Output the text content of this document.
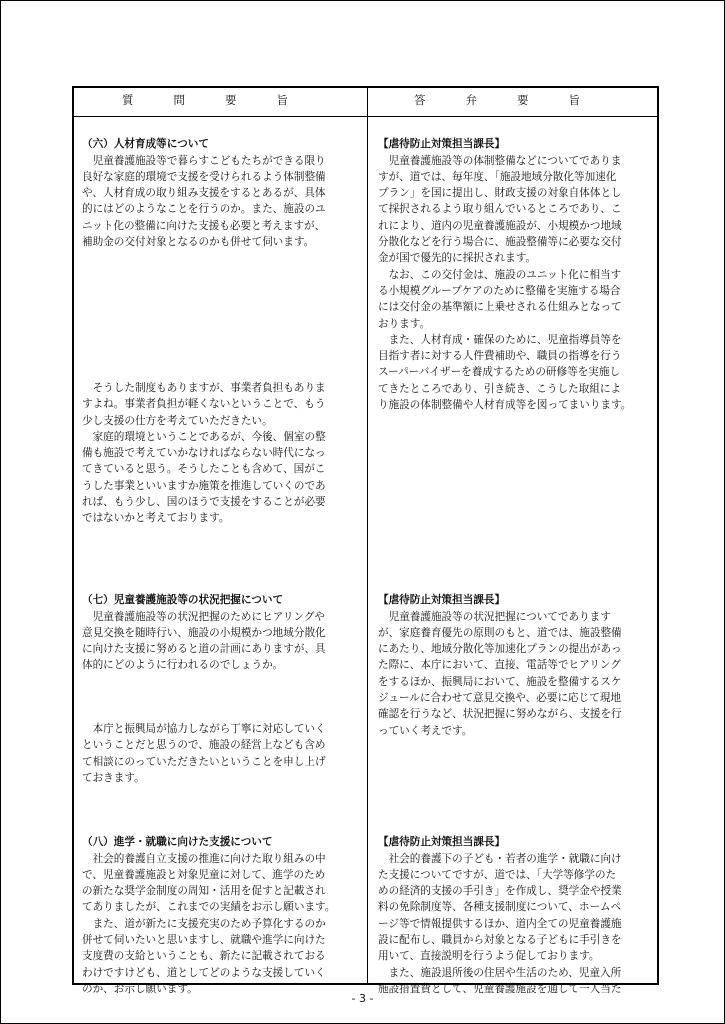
質問要旨	答弁要旨

（六）人材育成等について
　児童養護施設等で暮らすこどもたちができる限り
良好な家庭的環境で支援を受けられるよう体制整備
や、人材育成の取り組み支援をするとあるが、具体
的にはどのようなことを行うのか。また、施設のユ
ニット化の整備に向けた支援も必要と考えますが、
補助金の交付対象となるのかも併せて伺います。

【虐待防止対策担当課長】
　児童養護施設等の体制整備などについてでありま
すが、道では、毎年度、「施設地域分散化等加速化
プラン」を国に提出し、財政支援の対象自体体とし
て採択されるよう取り組んでいるところであり、こ
れにより、道内の児童養護施設が、小規模かつ地域
分散化などを行う場合に、施設整備等に必要な交付
金が国で優先的に採択されます。
　なお、この交付金は、施設のユニット化に相当す
る小規模グループケアのために整備を実施する場合
には交付金の基準額に上乗せされる仕組みとなって
おります。
　また、人材育成・確保のために、児童指導員等を
目指す者に対する人件費補助や、職員の指導を行う
スーパーバイザーを養成するための研修等を実施し
てきたところであり、引き続き、こうした取組によ
り施設の体制整備や人材育成等を図ってまいります。

　そうした制度もありますが、事業者負担もありま
すよね。事業者負担が軽くないということで、もう
少し支援の仕方を考えていただきたい。
　家庭的環境ということであるが、今後、個室の整
備も施設で考えていかなければならない時代になっ
てきていると思う。そうしたことも含めて、国がこ
うした事業といいますか施策を推進していくのであ
れば、もう少し、国のほうで支援をすることが必要
ではないかと考えております。

（七）児童養護施設等の状況把握について
　児童養護施設等の状況把握のためにヒアリングや
意見交換を随時行い、施設の小規模かつ地域分散化
に向けた支援に努めると道の計画にありますが、具
体的にどのように行われるのでしょうか。

【虐待防止対策担当課長】
　児童養護施設等の状況把握についてであります
が、家庭養育優先の原則のもと、道では、施設整備
にあたり、地域分散化等加速化プランの提出があっ
た際に、本庁において、直接、電話等でヒアリング
をするほか、振興局において、施設を整備するスケ
ジュールに合わせて意見交換や、必要に応じて現地
確認を行うなど、状況把握に努めながら、支援を行
っていく考えです。

　本庁と振興局が協力しながら丁寧に対応していく
ということだと思うので、施設の経営上なども含め
て相談にのっていただきたいということを申し上げ
ておきます。

（八）進学・就職に向けた支援について
　社会的養護自立支援の推進に向けた取り組みの中
で、児童養護施設と対象児童に対して、進学のため
の新たな奨学金制度の周知・活用を促すと記載され
てありましたが、これまでの実績をお示し願います。
　また、道が新たに支援充実のため予算化するのか
併せて伺いたいと思いますし、就職や進学に向けた
支度費の支給ということも、新たに記載されておる
わけですけども、道としてどのような支援していく
のか、お示し願います。

【虐待防止対策担当課長】
　社会的養護下の子ども・若者の進学・就職に向け
た支援についてですが、道では、「大学等修学のた
めの経済的支援の手引き」を作成し、奨学金や授業
料の免除制度等、各種支援制度について、ホームペ
ージ等で情報提供するほか、道内全ての児童養護施
設に配布し、職員から対象となる子どもに手引きを
用いて、直接説明を行うよう促しております。
　また、施設退所後の住居や生活のため、児童入所
施設措置費として、児童養護施設を通して一人当た

- 3 -
